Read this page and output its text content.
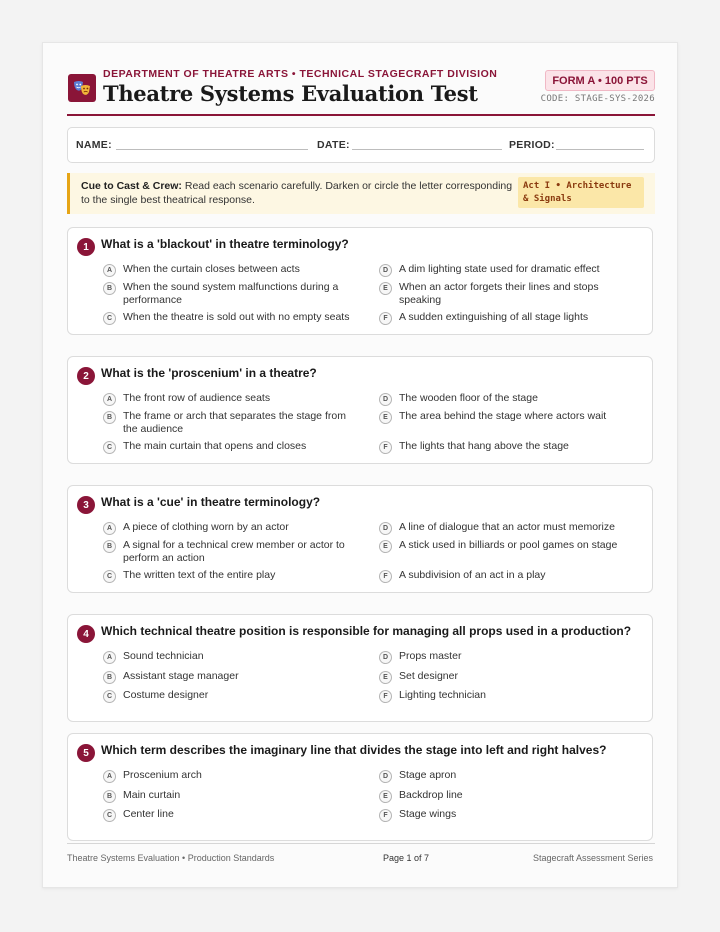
DEPARTMENT OF THEATRE ARTS • TECHNICAL STAGECRAFT DIVISION
Theatre Systems Evaluation Test
FORM A • 100 PTS
CODE: STAGE-SYS-2026
NAME:	DATE:	PERIOD:
Cue to Cast & Crew: Read each scenario carefully. Darken or circle the letter corresponding to the single best theatrical response.
Act I • Architecture & Signals
1	What is a 'blackout' in theatre terminology?
A	When the curtain closes between acts
B	When the sound system malfunctions during a performance
C	When the theatre is sold out with no empty seats
D	A dim lighting state used for dramatic effect
E	When an actor forgets their lines and stops speaking
F	A sudden extinguishing of all stage lights
2	What is the 'proscenium' in a theatre?
A	The front row of audience seats
B	The frame or arch that separates the stage from the audience
C	The main curtain that opens and closes
D	The wooden floor of the stage
E	The area behind the stage where actors wait
F	The lights that hang above the stage
3	What is a 'cue' in theatre terminology?
A	A piece of clothing worn by an actor
B	A signal for a technical crew member or actor to perform an action
C	The written text of the entire play
D	A line of dialogue that an actor must memorize
E	A stick used in billiards or pool games on stage
F	A subdivision of an act in a play
4	Which technical theatre position is responsible for managing all props used in a production?
A	Sound technician
B	Assistant stage manager
C	Costume designer
D	Props master
E	Set designer
F	Lighting technician
5	Which term describes the imaginary line that divides the stage into left and right halves?
A	Proscenium arch
B	Main curtain
C	Center line
D	Stage apron
E	Backdrop line
F	Stage wings
Theatre Systems Evaluation • Production Standards	Page 1 of 7	Stagecraft Assessment Series
